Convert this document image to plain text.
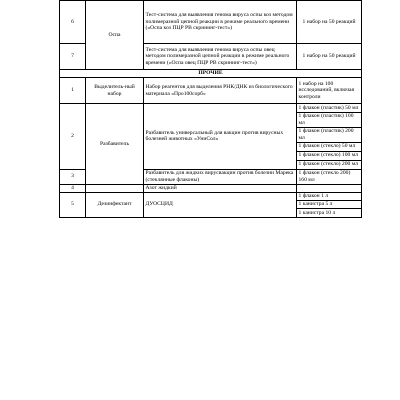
6	Оспа	Тест-система для выявления генома вируса оспы коз методом полимеразной цепной реакции в режиме реального времени («Оспа коз ПЦР РВ скрининг-тест»)	1 набор на 50 реакций
7		Тест-система для выявления генома вируса оспы овец методом полимеразной цепной реакции в режиме реального времени («Оспа овец ПЦР РВ скрининг-тест»)	1 набор на 50 реакций
ПРОЧИЕ			
1	Выделитель-ный набор	Набор реагентов для выделения РНК/ДНК из биологического материала «Про100сорб»	1 набор на 100 исследований, включая контроли
2	Разбавитель	Разбавитель универсальный для вакцин против вирусных болезней животных «УниСол»	1 флакон (пластик) 50 мл
			1 флакон (пластик) 100 мл
			1 флакон (пластик) 200 мл
			1 флакон (стекло) 50 мл
			1 флакон (стекло) 100 мл
			1 флакон (стекло) 200 мл
3		Разбавитель для жидких вирусвакцин против болезни Марека (стеклянные флаконы)	1 флакон (стекло 200) 160 мл
4		Азот жидкий	
5	Дезинфектант	ДУОСЦИД	1 флакон 1 л
			1 канистра 5 л
			1 канистра 10 л
